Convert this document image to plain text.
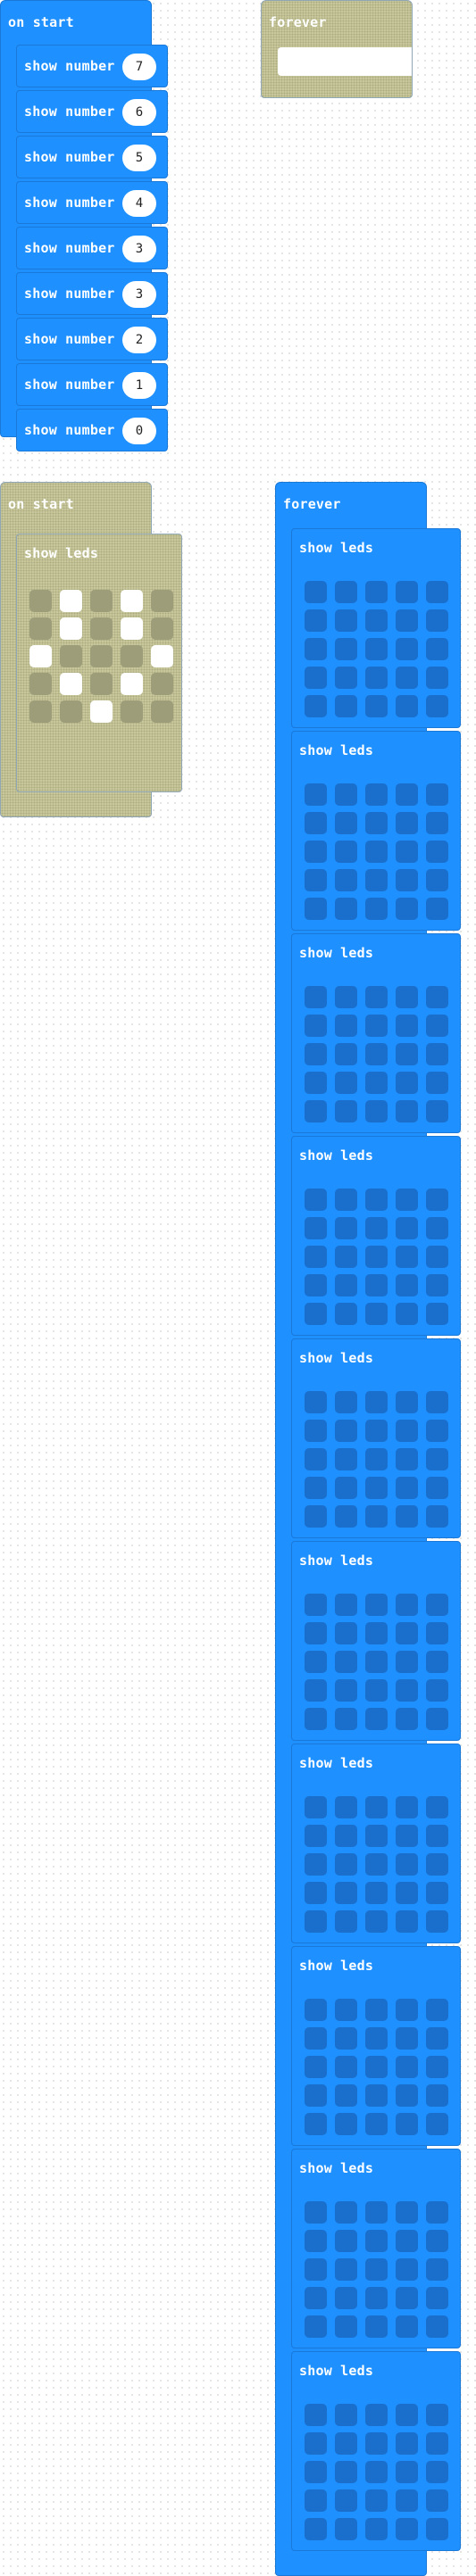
on start
show number	7
show number	6
show number	5
show number	4
show number	3
show number	3
show number	2
show number	1
show number	0
forever
on start
show leds
forever
show leds
show leds
show leds
show leds
show leds
show leds
show leds
show leds
show leds
show leds
